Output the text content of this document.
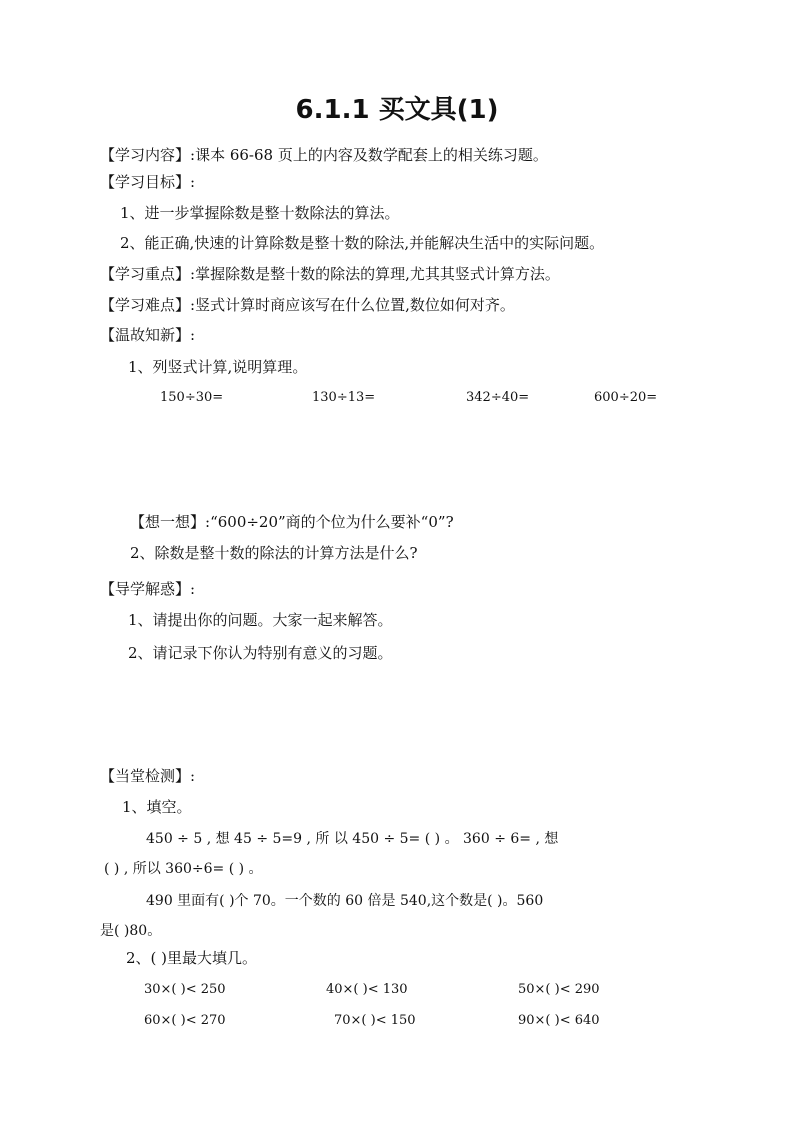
6.1.1 买文具(1)
【学习内容】:课本 66-68 页上的内容及数学配套上的相关练习题。
【学习目标】:
1、进一步掌握除数是整十数除法的算法。
2、能正确,快速的计算除数是整十数的除法,并能解决生活中的实际问题。
【学习重点】:掌握除数是整十数的除法的算理,尤其其竖式计算方法。
【学习难点】:竖式计算时商应该写在什么位置,数位如何对齐。
【温故知新】:
1、列竖式计算,说明算理。
150÷30=	130÷13=	342÷40=	600÷20=
【想一想】:“600÷20”商的个位为什么要补“0”?
2、除数是整十数的除法的计算方法是什么?
【导学解惑】:
1、请提出你的问题。大家一起来解答。
2、请记录下你认为特别有意义的习题。
【当堂检测】:
1、填空。
450 ÷ 5 , 想 45 ÷ 5=9 , 所 以 450 ÷ 5= ( ) 。 360 ÷ 6= , 想
( ) , 所以 360÷6= ( ) 。
490 里面有( )个 70。一个数的 60 倍是 540,这个数是( )。560
是( )80。
2、( )里最大填几。
30×( )< 250	40×( )< 130	50×( )< 290
60×( )< 270	70×( )< 150	90×( )< 640
